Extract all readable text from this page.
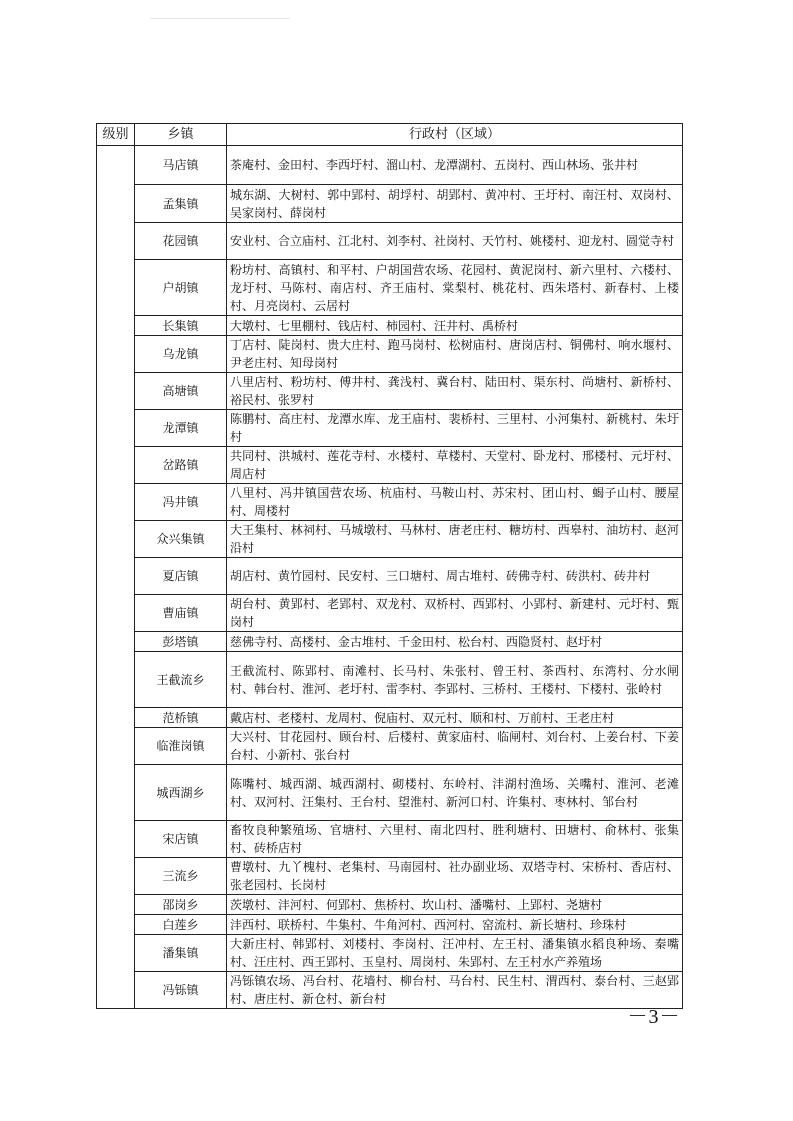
级别	乡镇	行政村（区域）
	马店镇	茶庵村、金田村、李西圩村、溜山村、龙潭湖村、五岗村、西山林场、张井村
	孟集镇	城东湖、大树村、郭中郢村、胡垺村、胡郢村、黄冲村、王圩村、南汪村、双岗村、吴家岗村、薛岗村
	花园镇	安业村、合立庙村、江北村、刘李村、社岗村、天竹村、姚楼村、迎龙村、圆觉寺村
	户胡镇	粉坊村、高镇村、和平村、户胡国营农场、花园村、黄泥岗村、新六里村、六楼村、龙圩村、马陈村、南店村、齐王庙村、棠梨村、桃花村、西朱塔村、新春村、上楼村、月亮岗村、云居村
	长集镇	大墩村、七里棚村、钱店村、柿园村、汪井村、禹桥村
	乌龙镇	丁店村、陡岗村、贵大庄村、跑马岗村、松树庙村、唐岗店村、铜佛村、响水堰村、尹老庄村、知母岗村
	高塘镇	八里店村、粉坊村、傅井村、龚浅村、冀台村、陆田村、渠东村、尚塘村、新桥村、裕民村、张罗村
	龙潭镇	陈鹏村、高庄村、龙潭水库、龙王庙村、裴桥村、三里村、小河集村、新桃村、朱圩村
	岔路镇	共同村、洪城村、莲花寺村、水楼村、草楼村、天堂村、卧龙村、邢楼村、元圩村、周店村
	冯井镇	八里村、冯井镇国营农场、杭庙村、马鞍山村、苏宋村、团山村、蝎子山村、腰屋村、周楼村
	众兴集镇	大王集村、林祠村、马城墩村、马林村、唐老庄村、糖坊村、西皋村、油坊村、赵河沿村
	夏店镇	胡店村、黄竹园村、民安村、三口塘村、周古堆村、砖佛寺村、砖洪村、砖井村
	曹庙镇	胡台村、黄郢村、老郢村、双龙村、双桥村、西郢村、小郢村、新建村、元圩村、甄岗村
	彭塔镇	慈佛寺村、高楼村、金古堆村、千金田村、松台村、西隐贤村、赵圩村
	王截流乡	王截流村、陈郢村、南滩村、长马村、朱张村、曾王村、茶西村、东湾村、分水闸村、韩台村、淮河、老圩村、雷李村、李郢村、三桥村、王楼村、下楼村、张岭村
	范桥镇	戴店村、老楼村、龙周村、倪庙村、双元村、顺和村、万前村、王老庄村
	临淮岗镇	大兴村、甘花园村、顾台村、后楼村、黄家庙村、临闸村、刘台村、上姜台村、下姜台村、小新村、张台村
	城西湖乡	陈嘴村、城西湖、城西湖村、砌楼村、东岭村、沣湖村渔场、关嘴村、淮河、老滩村、双河村、汪集村、王台村、望淮村、新河口村、许集村、枣林村、邹台村
	宋店镇	畜牧良种繁殖场、官塘村、六里村、南北四村、胜利塘村、田塘村、俞林村、张集村、砖桥店村
	三流乡	曹墩村、九丫槐村、老集村、马南园村、社办副业场、双塔寺村、宋桥村、香店村、张老园村、长岗村
	邵岗乡	茨墩村、沣河村、何郢村、焦桥村、坎山村、潘嘴村、上郢村、尧塘村
	白莲乡	沣西村、联桥村、牛集村、牛角河村、西河村、窑流村、新长塘村、珍珠村
	潘集镇	大新庄村、韩郢村、刘楼村、李岗村、汪冲村、左王村、潘集镇水稻良种场、秦嘴村、汪庄村、西王郢村、玉皇村、周岗村、朱郢村、左王村水产养殖场
	冯铄镇	冯铄镇农场、冯台村、花墙村、柳台村、马台村、民生村、渭西村、泰台村、三赵郢村、唐庄村、新仓村、新台村
－3－
